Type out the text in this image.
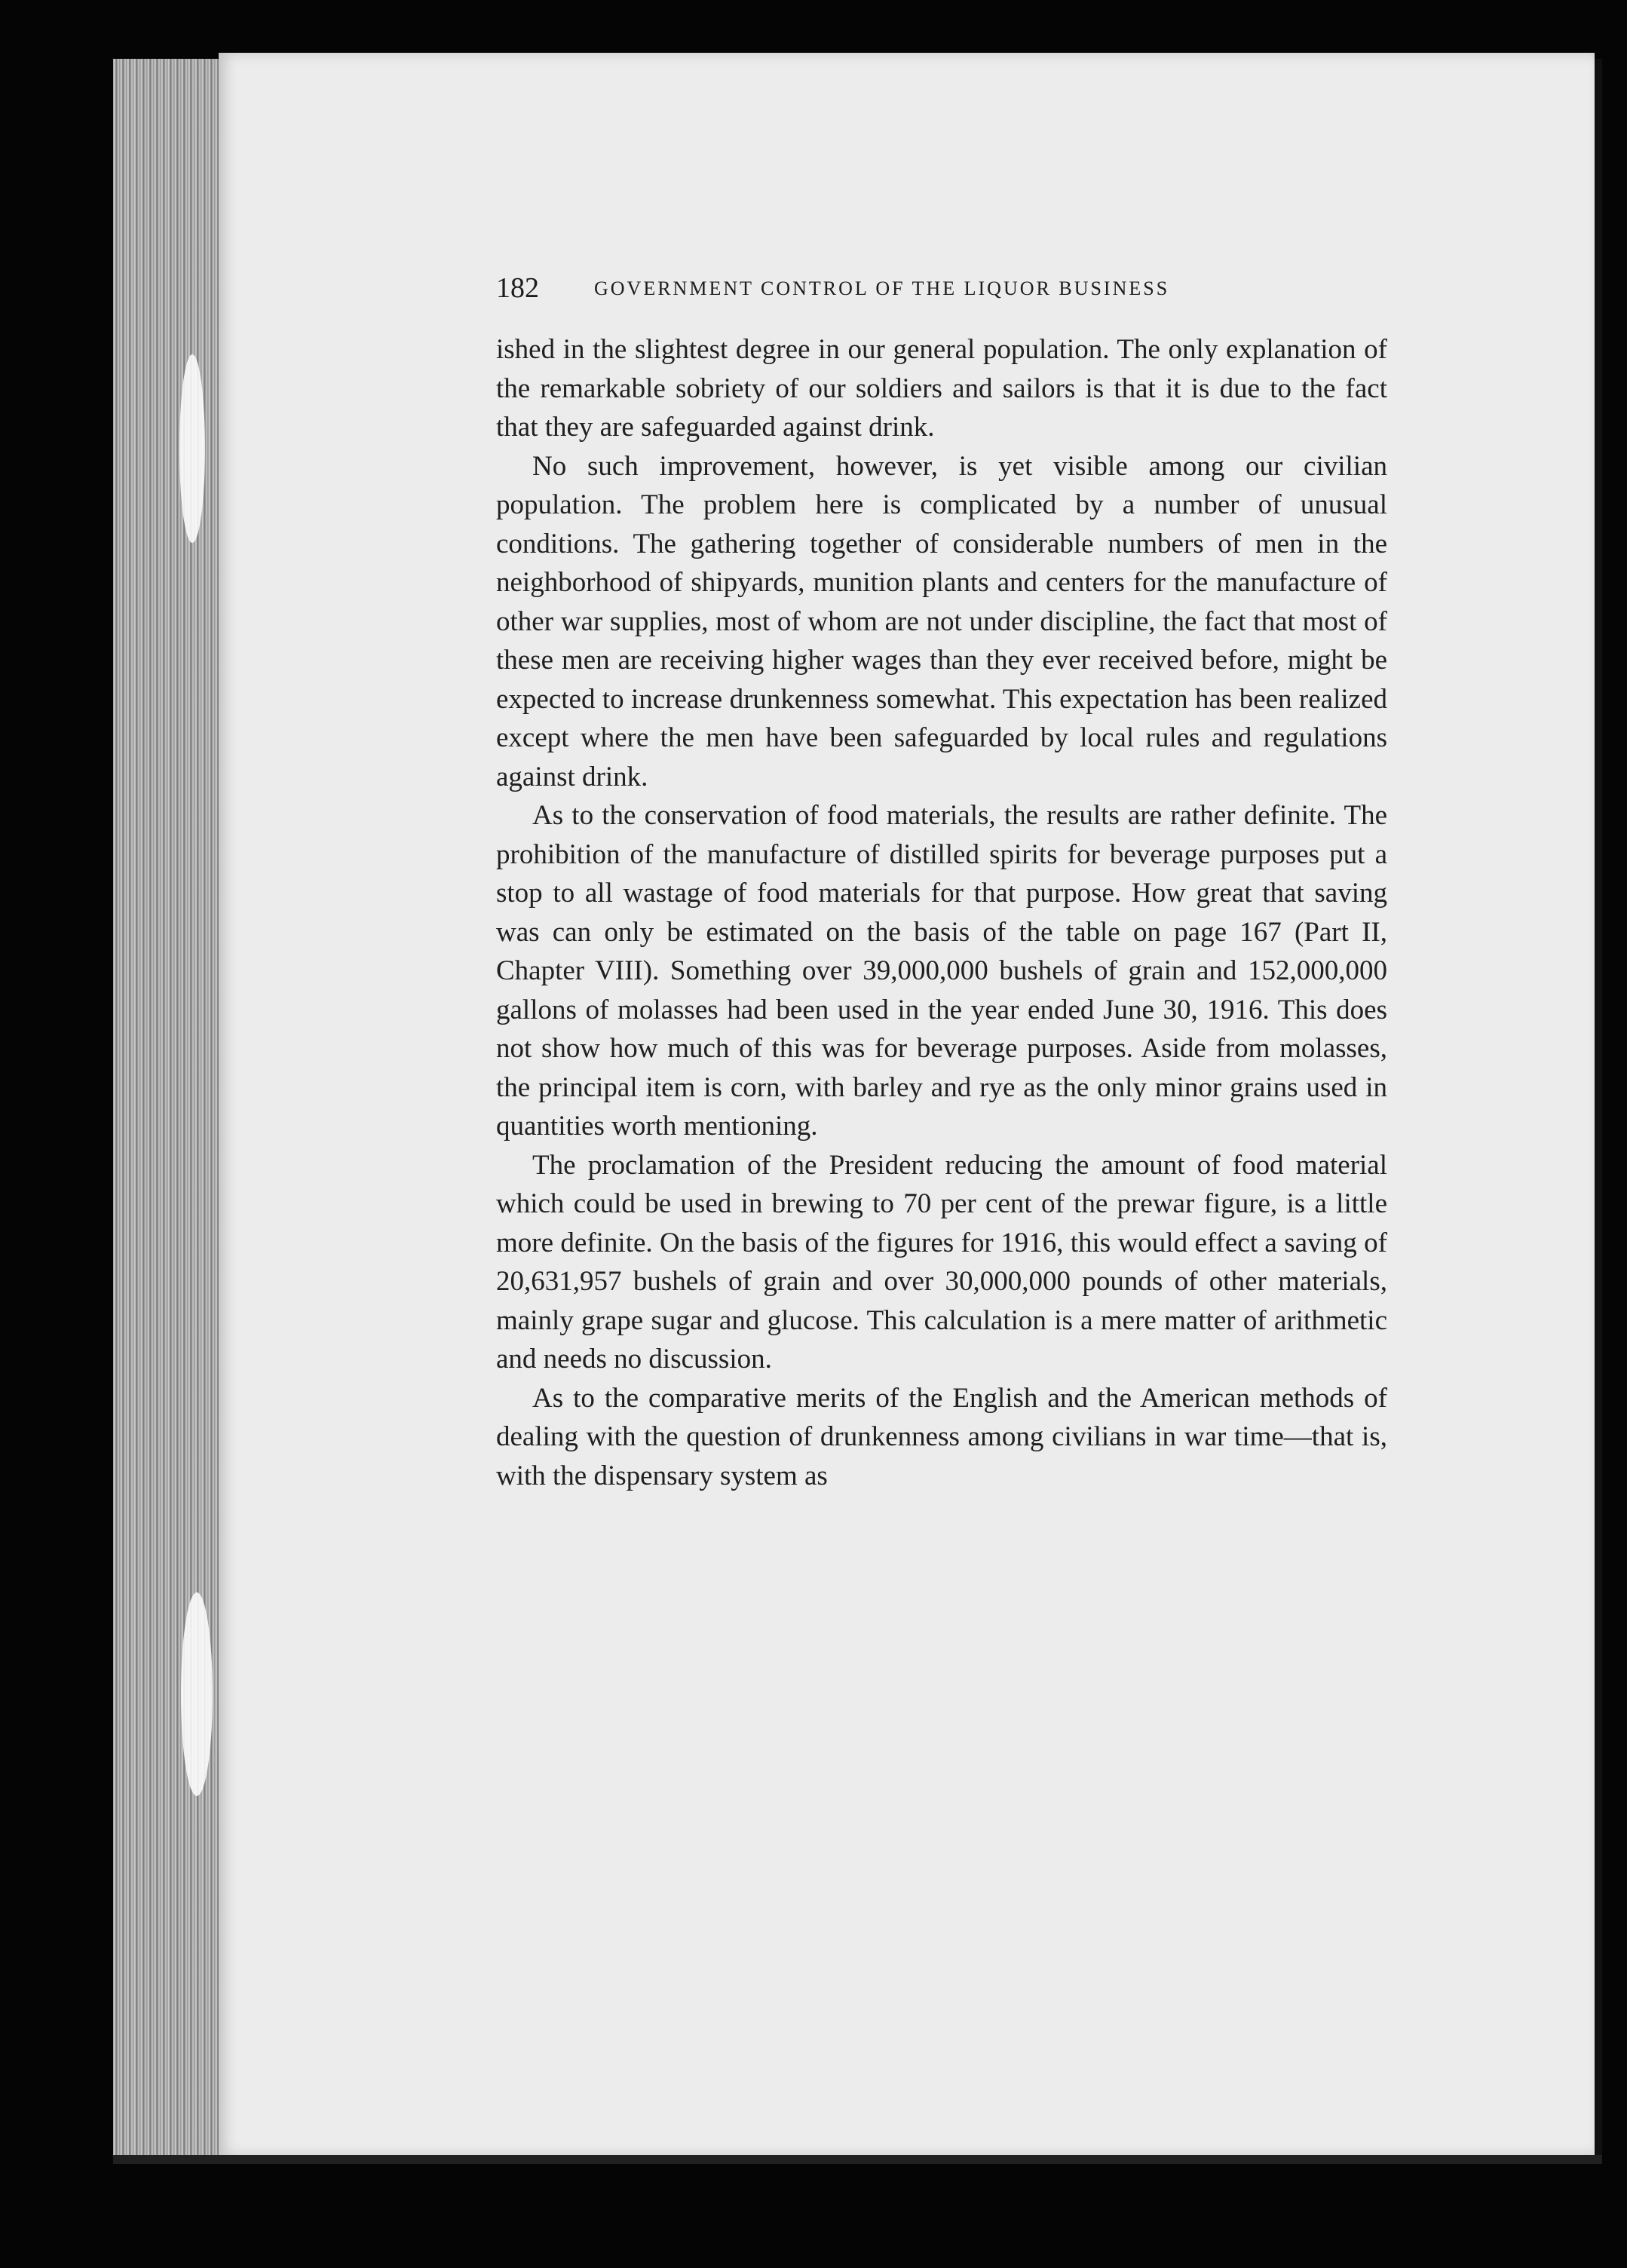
182	GOVERNMENT CONTROL OF THE LIQUOR BUSINESS

ished in the slightest degree in our general population. The only explanation of the remarkable sobriety of our soldiers and sailors is that it is due to the fact that they are safeguarded against drink.

No such improvement, however, is yet visible among our civilian population. The problem here is complicated by a number of unusual conditions. The gathering together of considerable numbers of men in the neighborhood of shipyards, munition plants and centers for the manufacture of other war supplies, most of whom are not under discipline, the fact that most of these men are receiving higher wages than they ever received before, might be expected to increase drunkenness somewhat. This expectation has been realized except where the men have been safeguarded by local rules and regulations against drink.

As to the conservation of food materials, the results are rather definite. The prohibition of the manufacture of distilled spirits for beverage purposes put a stop to all wastage of food materials for that purpose. How great that saving was can only be estimated on the basis of the table on page 167 (Part II, Chapter VIII). Something over 39,000,000 bushels of grain and 152,000,000 gallons of molasses had been used in the year ended June 30, 1916. This does not show how much of this was for beverage purposes. Aside from molasses, the principal item is corn, with barley and rye as the only minor grains used in quantities worth mentioning.

The proclamation of the President reducing the amount of food material which could be used in brewing to 70 per cent of the prewar figure, is a little more definite. On the basis of the figures for 1916, this would effect a saving of 20,631,957 bushels of grain and over 30,000,000 pounds of other materials, mainly grape sugar and glucose. This calculation is a mere matter of arithmetic and needs no discussion.

As to the comparative merits of the English and the American methods of dealing with the question of drunkenness among civilians in war time—that is, with the dispensary system as
